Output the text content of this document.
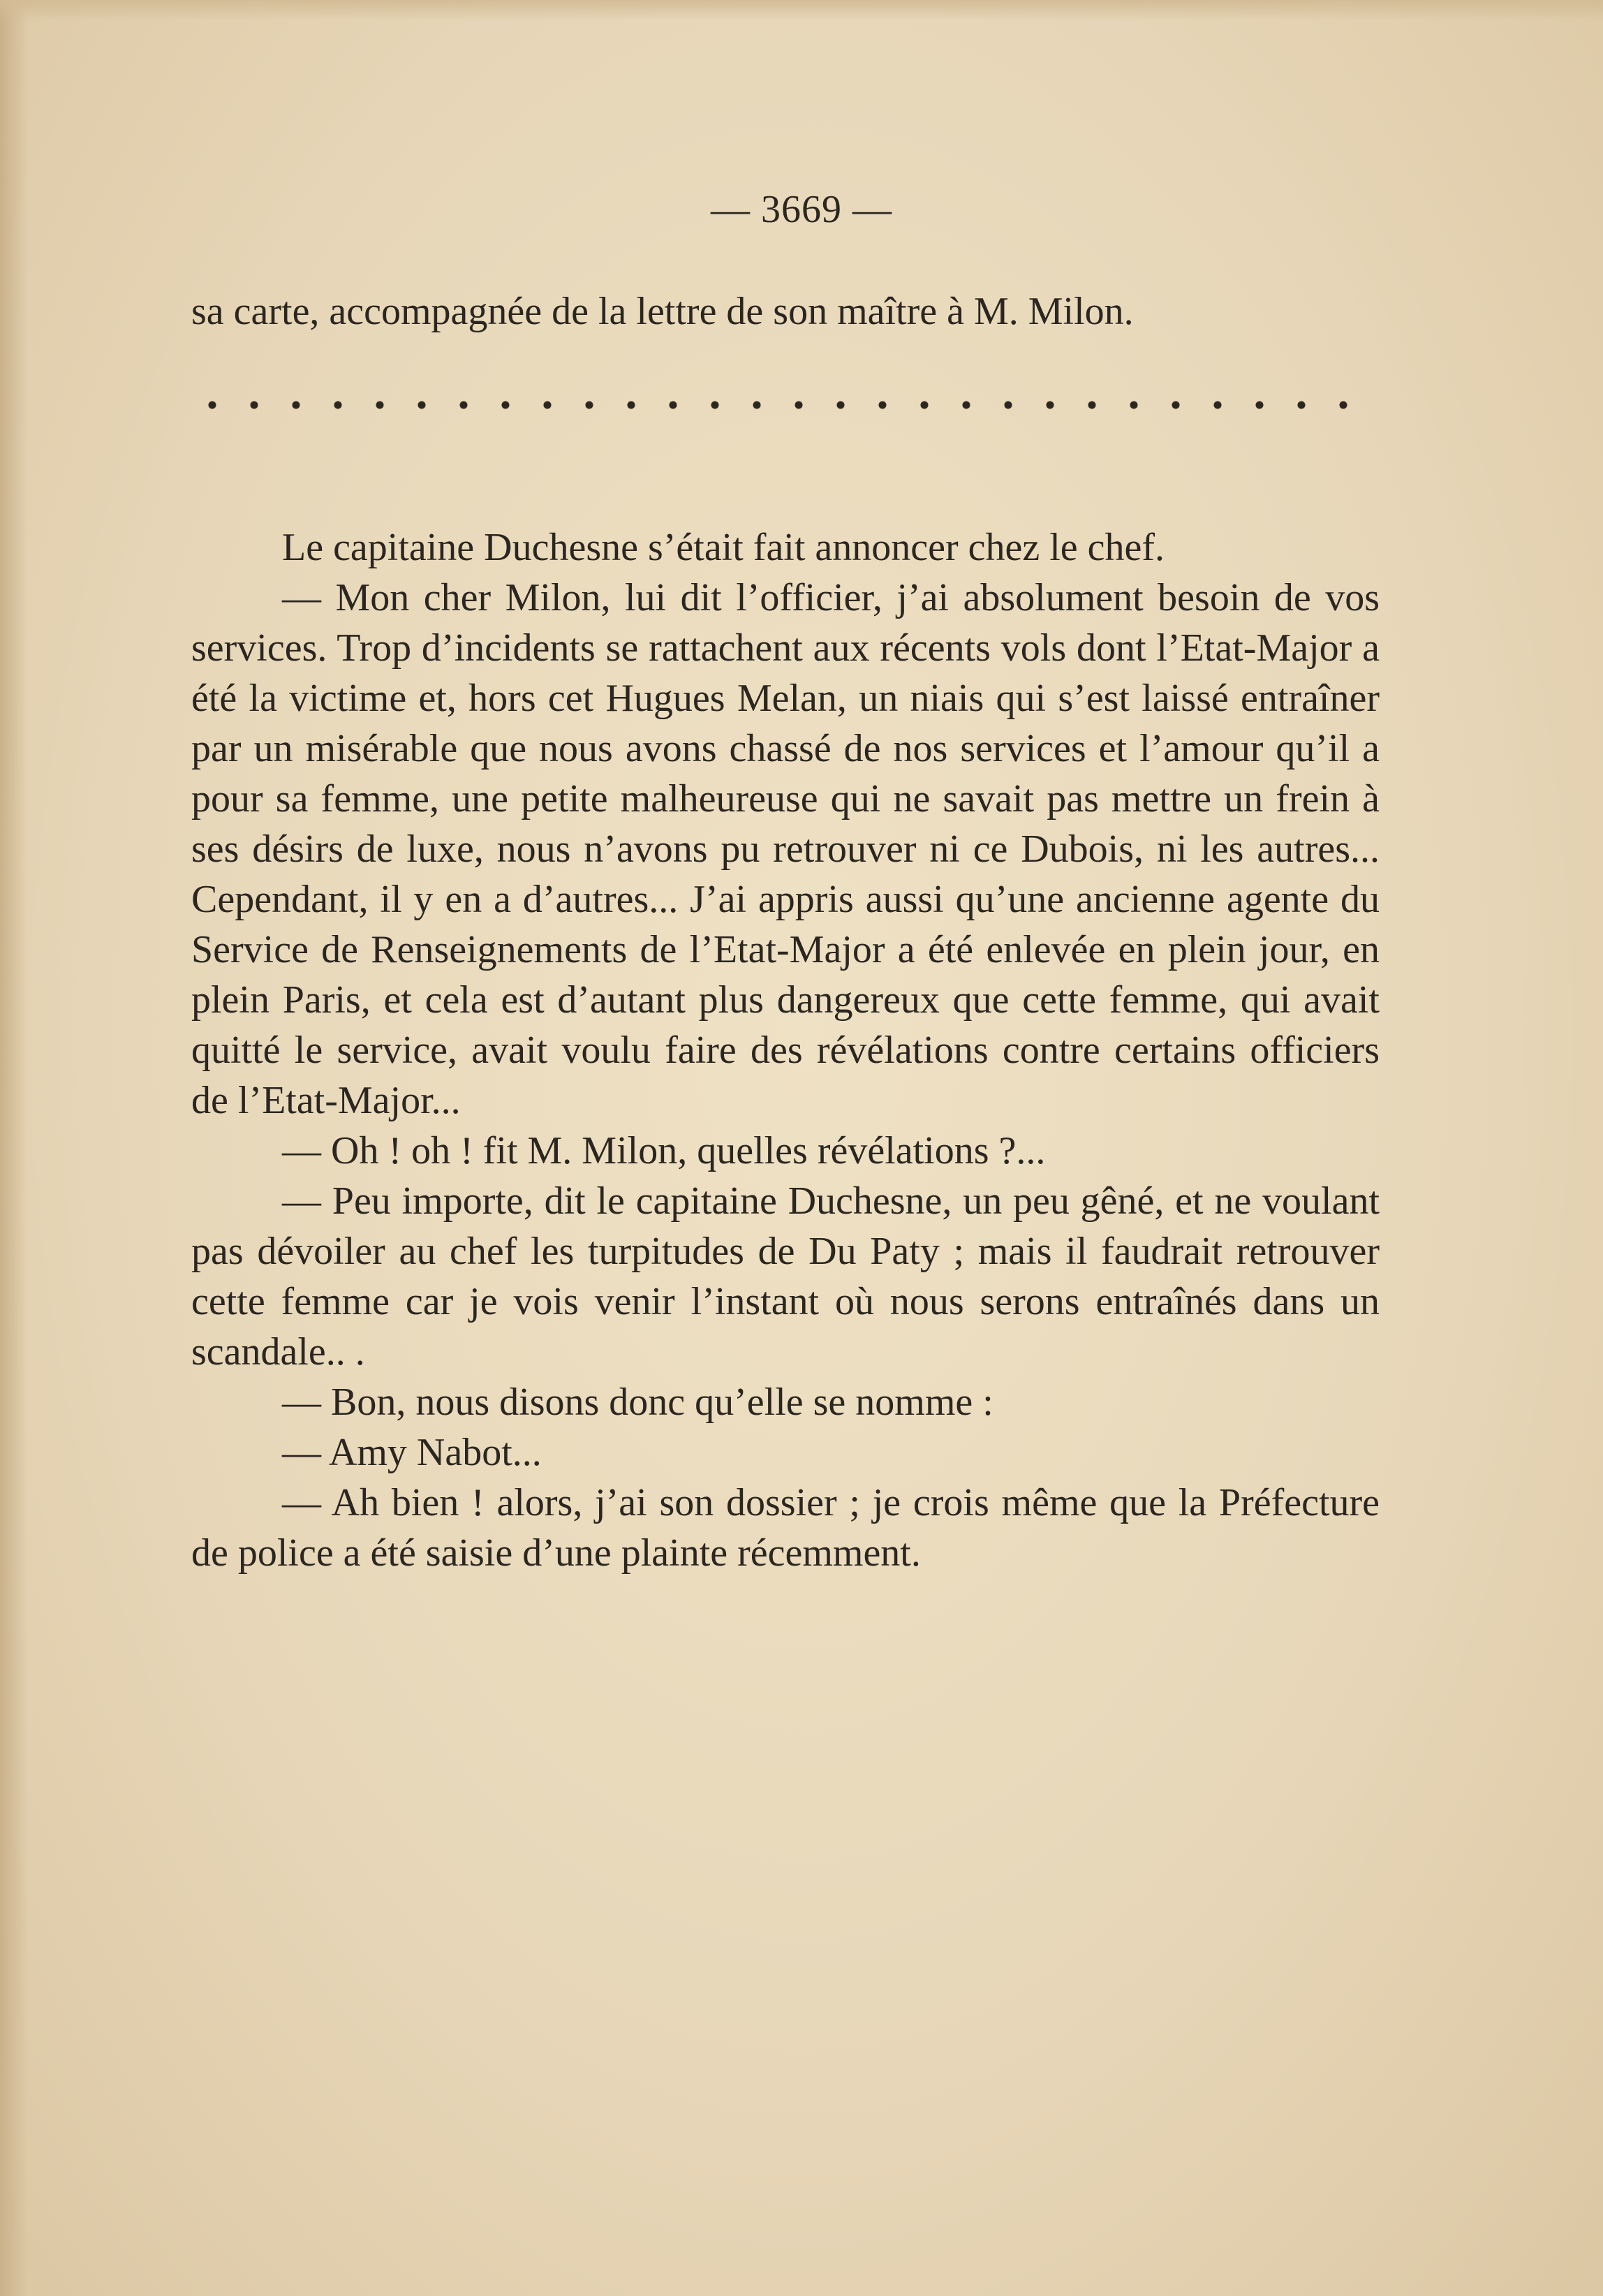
— 3669 —

sa carte, accompagnée de la lettre de son maître à M. Milon.

Le capitaine Duchesne s’était fait annoncer chez le chef.

— Mon cher Milon, lui dit l’officier, j’ai absolument besoin de vos services. Trop d’incidents se rattachent aux récents vols dont l’Etat-Major a été la victime et, hors cet Hugues Melan, un niais qui s’est laissé entraîner par un misérable que nous avons chassé de nos services et l’amour qu’il a pour sa femme, une petite malheureuse qui ne savait pas mettre un frein à ses désirs de luxe, nous n’avons pu retrouver ni ce Dubois, ni les autres... Cependant, il y en a d’autres... J’ai appris aussi qu’une ancienne agente du Service de Renseignements de l’Etat-Major a été enlevée en plein jour, en plein Paris, et cela est d’autant plus dangereux que cette femme, qui avait quitté le service, avait voulu faire des révélations contre certains officiers de l’Etat-Major...

— Oh ! oh ! fit M. Milon, quelles révélations ?...

— Peu importe, dit le capitaine Duchesne, un peu gêné, et ne voulant pas dévoiler au chef les turpitudes de Du Paty ; mais il faudrait retrouver cette femme car je vois venir l’instant où nous serons entraînés dans un scandale.. .

— Bon, nous disons donc qu’elle se nomme :

— Amy Nabot...

— Ah bien ! alors, j’ai son dossier ; je crois même que la Préfecture de police a été saisie d’une plainte récemment.
